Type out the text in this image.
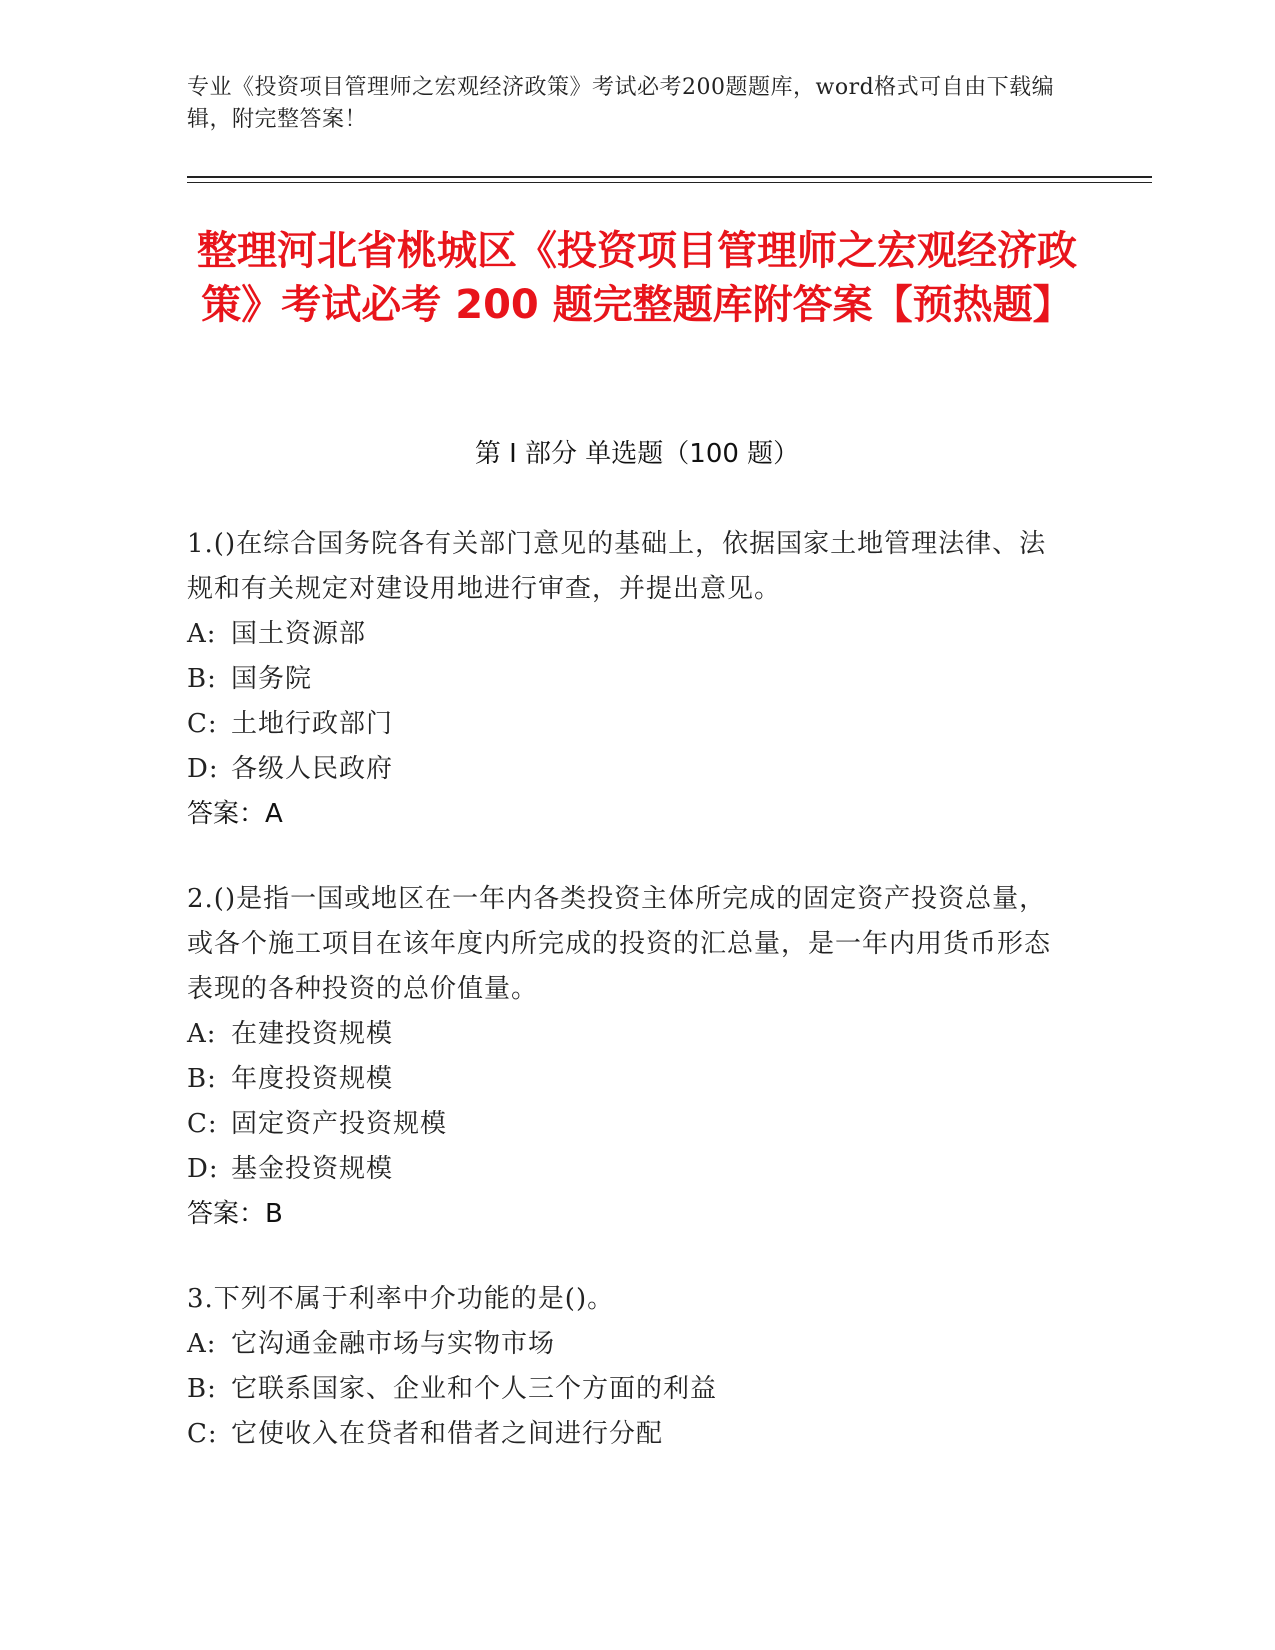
专业《投资项目管理师之宏观经济政策》考试必考200题题库，word格式可自由下载编辑，附完整答案！
整理河北省桃城区《投资项目管理师之宏观经济政策》考试必考 200 题完整题库附答案【预热题】
第 I 部分 单选题（100 题）
1.()在综合国务院各有关部门意见的基础上，依据国家土地管理法律、法规和有关规定对建设用地进行审查，并提出意见。
A: 国土资源部
B: 国务院
C: 土地行政部门
D: 各级人民政府
答案：A
2.()是指一国或地区在一年内各类投资主体所完成的固定资产投资总量，或各个施工项目在该年度内所完成的投资的汇总量，是一年内用货币形态表现的各种投资的总价值量。
A: 在建投资规模
B: 年度投资规模
C: 固定资产投资规模
D: 基金投资规模
答案：B
3.下列不属于利率中介功能的是()。
A: 它沟通金融市场与实物市场
B: 它联系国家、企业和个人三个方面的利益
C: 它使收入在贷者和借者之间进行分配
